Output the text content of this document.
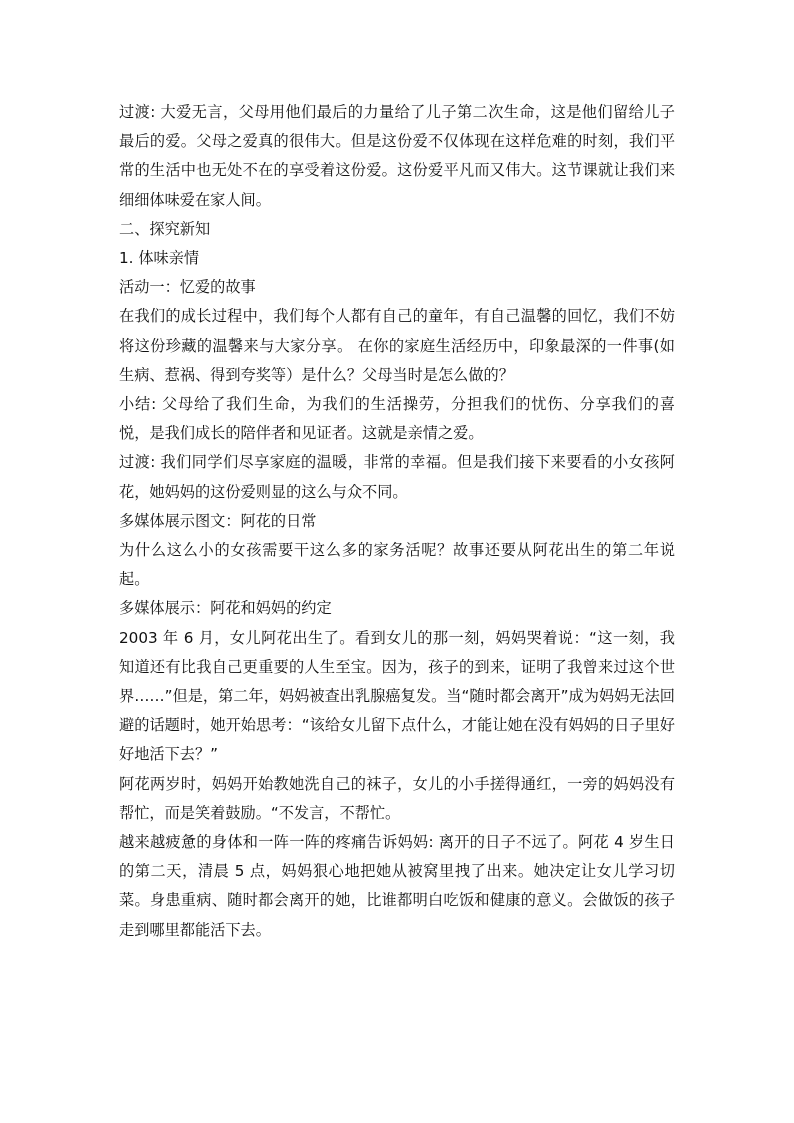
过渡: 大爱无言，父母用他们最后的力量给了儿子第二次生命，这是他们留给儿子最后的爱。父母之爱真的很伟大。但是这份爱不仅体现在这样危难的时刻，我们平常的生活中也无处不在的享受着这份爱。这份爱平凡而又伟大。这节课就让我们来细细体味爱在家人间。

二、探究新知

1. 体味亲情

活动一：忆爱的故事

在我们的成长过程中，我们每个人都有自己的童年，有自己温馨的回忆，我们不妨将这份珍藏的温馨来与大家分享。 在你的家庭生活经历中，印象最深的一件事(如生病、惹祸、得到夸奖等）是什么？父母当时是怎么做的？

小结: 父母给了我们生命，为我们的生活操劳，分担我们的忧伤、分享我们的喜悦，是我们成长的陪伴者和见证者。这就是亲情之爱。

过渡: 我们同学们尽享家庭的温暖，非常的幸福。但是我们接下来要看的小女孩阿花，她妈妈的这份爱则显的这么与众不同。

多媒体展示图文：阿花的日常

为什么这么小的女孩需要干这么多的家务活呢？故事还要从阿花出生的第二年说起。

多媒体展示：阿花和妈妈的约定

2003 年 6 月，女儿阿花出生了。看到女儿的那一刻，妈妈哭着说：“这一刻，我知道还有比我自己更重要的人生至宝。因为，孩子的到来，证明了我曾来过这个世界……”但是，第二年，妈妈被查出乳腺癌复发。当“随时都会离开”成为妈妈无法回避的话题时，她开始思考：“该给女儿留下点什么，才能让她在没有妈妈的日子里好好地活下去？”

阿花两岁时，妈妈开始教她洗自己的袜子，女儿的小手搓得通红，一旁的妈妈没有帮忙，而是笑着鼓励。“不发言，不帮忙。

越来越疲惫的身体和一阵一阵的疼痛告诉妈妈: 离开的日子不远了。阿花 4 岁生日的第二天，清晨 5 点，妈妈狠心地把她从被窝里拽了出来。她决定让女儿学习切菜。身患重病、随时都会离开的她，比谁都明白吃饭和健康的意义。会做饭的孩子走到哪里都能活下去。
